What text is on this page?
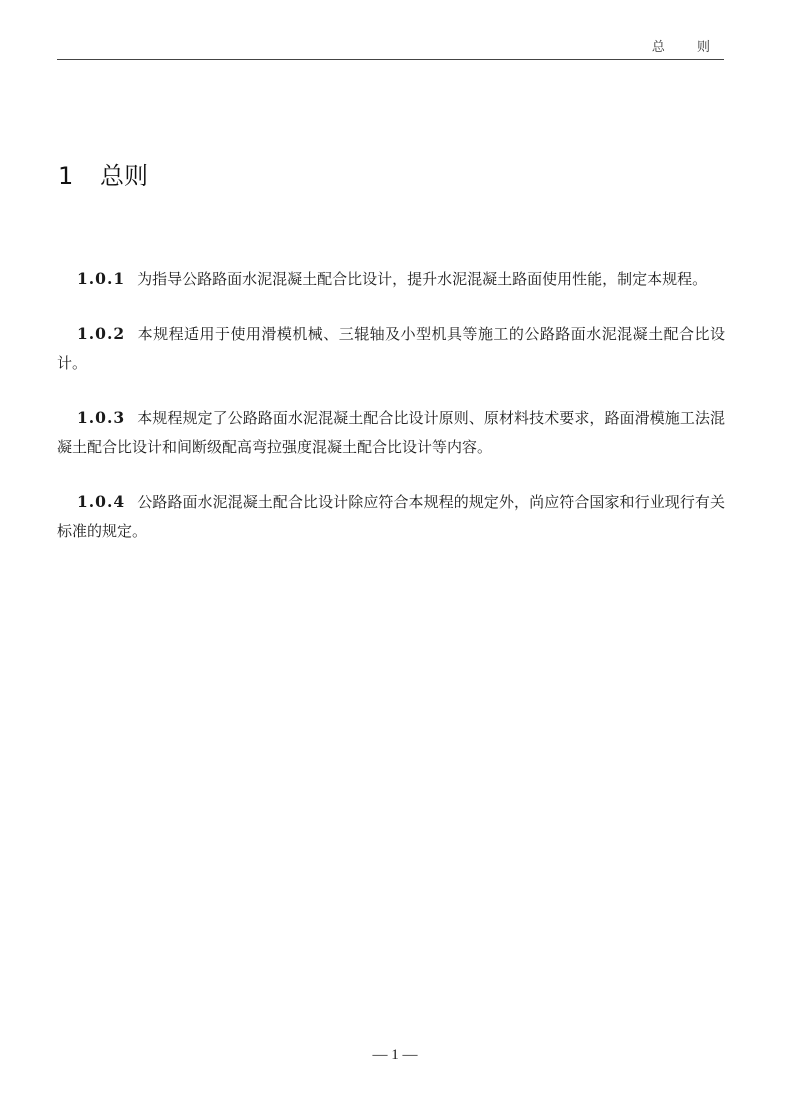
总 则
1 总则

1.0.1 为指导公路路面水泥混凝土配合比设计，提升水泥混凝土路面使用性能，制定本规程。

1.0.2 本规程适用于使用滑模机械、三辊轴及小型机具等施工的公路路面水泥混凝土配合比设计。

1.0.3 本规程规定了公路路面水泥混凝土配合比设计原则、原材料技术要求，路面滑模施工法混凝土配合比设计和间断级配高弯拉强度混凝土配合比设计等内容。

1.0.4 公路路面水泥混凝土配合比设计除应符合本规程的规定外，尚应符合国家和行业现行有关标准的规定。

— 1 —
